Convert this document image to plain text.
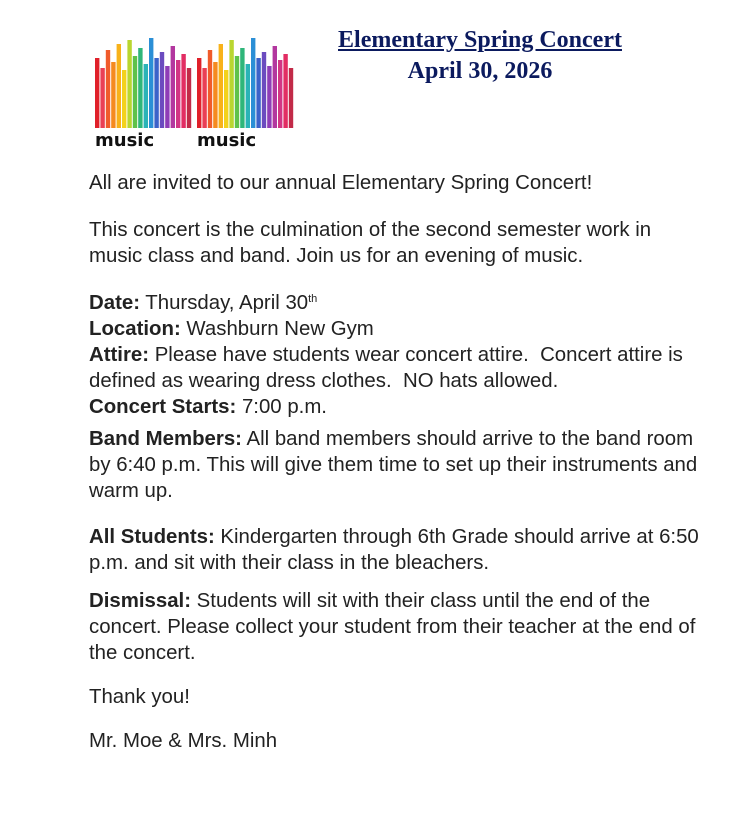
music music
Elementary Spring Concert
April 30, 2026

All are invited to our annual Elementary Spring Concert!

This concert is the culmination of the second semester work in music class and band. Join us for an evening of music.

Date: Thursday, April 30th
Location: Washburn New Gym
Attire: Please have students wear concert attire.  Concert attire is defined as wearing dress clothes.  NO hats allowed.
Concert Starts: 7:00 p.m.

Band Members: All band members should arrive to the band room by 6:40 p.m. This will give them time to set up their instruments and warm up.

All Students: Kindergarten through 6th Grade should arrive at 6:50 p.m. and sit with their class in the bleachers.

Dismissal: Students will sit with their class until the end of the concert. Please collect your student from their teacher at the end of the concert.

Thank you!

Mr. Moe & Mrs. Minh
